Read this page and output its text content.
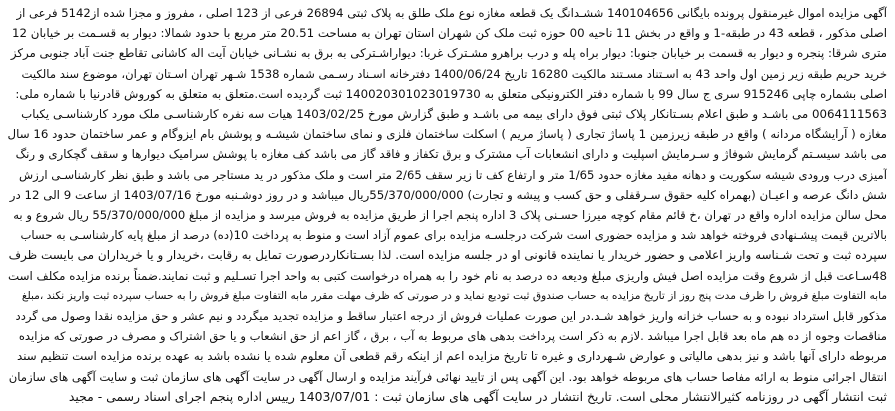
آگهی مزایده اموال غیرمنقول پرونده بایگانی 140104656 ششـدانگ یک قطعه مغازه نوع ملک طلق به پلاک ثبتی 26894 فرعی از 123 اصلی ، مفروز و مجزا شده از5142 فرعی از
اصلی مذکور ، قطعه 43 در طبقه-1 و واقع در بخش 11 ناحیه 00 حوزه ثبت ملک کن شهران استان تهران به مساحت 20.51 متر مربع با حدود شمالا: دیوار به قسـمت بر خیابان 12
متری شرقا: پنجره و دیوار به قسمت بر خیابان جنوبا: دیوار براه پله و درب براهرو مشـترک غربا: دیواراشـترکی به برق به نشـانی خیابان آیت اله کاشانی تقاطع جنت آباد جنوبی مرکز
خرید حریم طبقه زیر زمین اول واحد 43 به اسـتناد مسـتند مالکیت 16280 تاریخ 1400/06/24 دفترخانه اسـناد رسـمی شماره 1538 شـهر تهران اسـتان تهران، موضوع سند مالکیت
اصلی بشماره چاپی 915246 سری ج سال 99 با شماره دفتر الکترونیکی متعلق به 140020301023019730 ثبت گردیده است.متعلق به متعلق به کوروش قادرنیا با شماره ملی:
0064111563 می باشـد و طبق اعلام بسـتانکار پلاک ثبتی فوق دارای بیمه می باشـد و طبق گزارش مورخ 1403/02/25 هیات سه نفره کارشناسـی ملک مورد کارشناسـی یکباب
مغازه ( آرایشگاه مردانه ) واقع در طبقه زیرزمین 1 پاساژ تجاری ( پاساژ مریم ) اسکلت ساختمان فلزی و نمای ساختمان شیشـه و پوشش بام ایزوگام و عمر ساختمان حدود 16 سال
می باشد سیسـتم گرمایش شوفاژ و سـرمایش اسپلیت و دارای انشعابات آب مشترک و برق تکفاز و فاقد گاز می باشد کف مغازه با پوشش سرامیک دیوارها و سقف گچکاری و رنگ
آمیزی درب ورودی شیشه سکوریت و دهانه مفید مغازه حدود 1/65 متر و ارتفاع کف تا زیر سقف 2/65 متر است و ملک مذکور در ید مستاجر می باشد و طبق نظر کارشناسـی ارزش
شش دانگ عرصه و اعیـان (بهمراه کلیه حقوق سـرقفلی و حق کسب و پیشه و تجارت) 55/370/000/000ریال میباشد و در روز دوشـنبه مورخ 1403/07/16 از ساعت 9 الی 12 در
محل سالن مزایده اداره واقع در تهران ،خ قائم مقام کوچه میرزا حسـنی پلاک 3 اداره پنجم اجرا از طریق مزایده به فروش میرسد و مزایده از مبلغ 55/370/000/000 ریال شروع و به
بالاترین قیمت پیشـنهادی فروخته خواهد شد و مزایده حضوری است شرکت درجلسـه مزایده برای عموم آزاد است و منوط به پرداخت 10(ده) درصد از مبلغ پایه کارشناسـی به حساب
سپرده ثبت و تحت شـناسه واریز اعلامی و حضور خریدار یا نماینده قانونی او در جلسه مزایده است. لذا بسـتانکاردرصورت تمایل به رقابت ،خریدار و یا خریداران می بایست ظرف
48سـاعت قبل از شروع وقت مزایده اصل فیش واریزی مبلغ ودیعه ده درصد به نام خود را به همراه درخواست کتبی به واحد اجرا تسـلیم و ثبت نمایند.ضمناً برنده مزایده مکلف است
مابه التفاوت مبلغ فروش را ظرف مدت پنج روز از تاریخ مزایده به حساب صندوق ثبت تودیع نماید و در صورتی که ظرف مهلت مقرر مابه التفاوت مبلغ فروش را به حساب سپرده ثبت واریز نکند ،مبلغ
مذکور قابل استرداد نبوده و به حساب خزانه واریز خواهد شـد.در این صورت عملیات فروش از درجه اعتبار ساقط و مزایده تجدید میگردد و نیم عشر و حق مزایده نقدا وصول می گردد
مناقصات وجوه از ده هم ماه بعد قابل اجرا میباشد .لازم به ذکر است پرداخت بدهی های مربوط به آب ، برق ، گاز اعم از حق انشعاب و یا حق اشتراک و مصرف در صورتی که مزایده
مربوطه دارای آنها باشد و نیز بدهی مالیاتی و عوارض شـهرداری و غیره تا تاریخ مزایده اعم از اینکه رقم قطعی آن معلوم شده یا نشده باشد به عهده برنده مزایده است تنظیم سند
انتقال اجرائی منوط به ارائه مفاصا حساب های مربوطه خواهد بود. این آگهی پس از تایید نهائی فرآیند مزایده و ارسال آگهی در سایت آگهی های سازمان ثبت و سایت آگهی های سازمان
ثبت انتشار آگهی در روزنامه کثیرالانتشار محلی است. تاریخ انتشار در سایت آگهی های سازمان ثبت : 1403/07/01 رییس اداره پنجم اجرای اسناد رسمی - مجید
